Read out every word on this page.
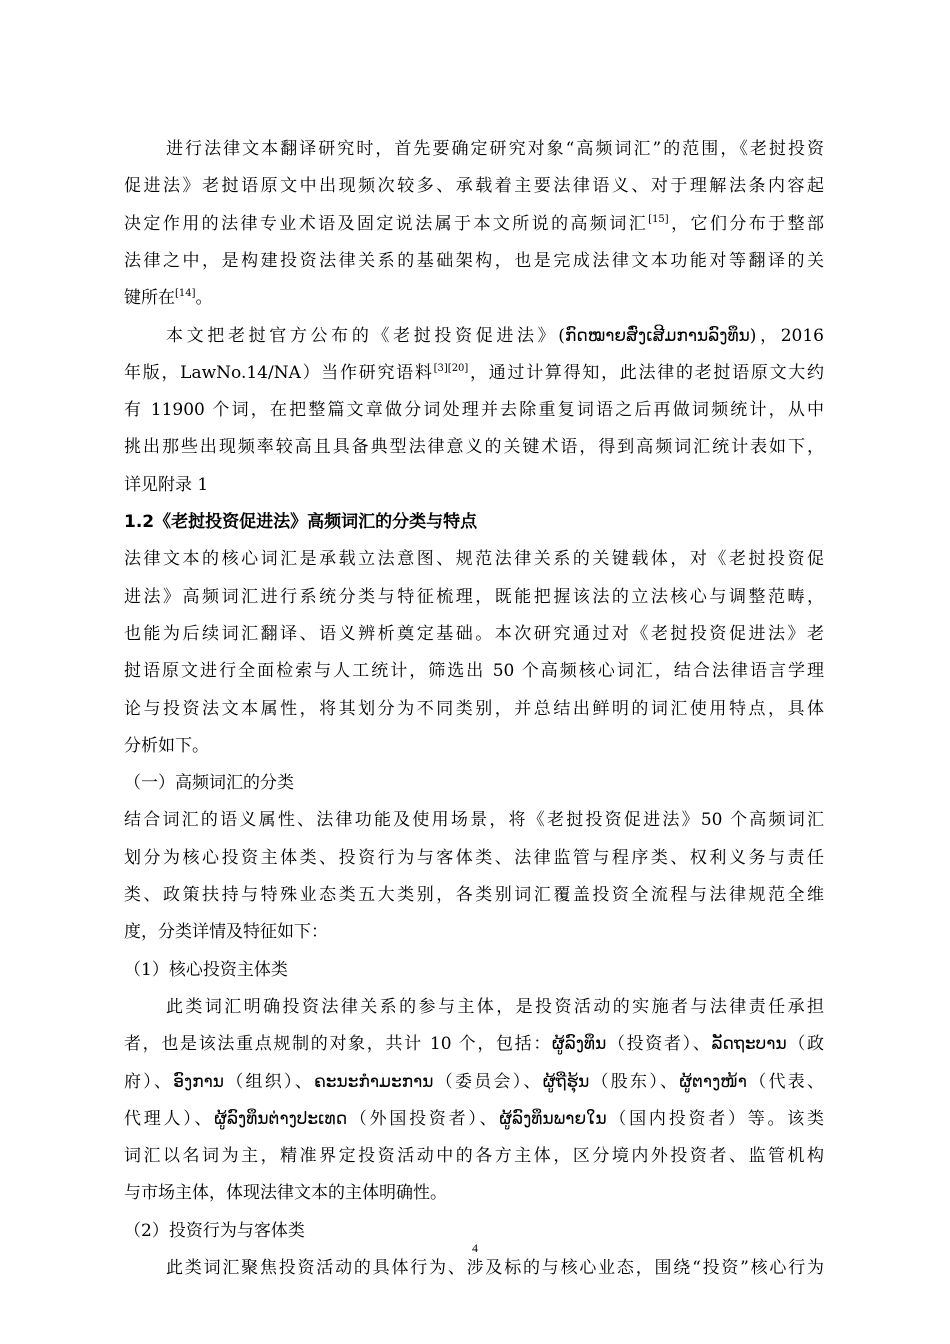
进行法律文本翻译研究时，首先要确定研究对象“高频词汇”的范围，《老挝投资
促进法》老挝语原文中出现频次较多、承载着主要法律语义、对于理解法条内容起
决定作用的法律专业术语及固定说法属于本文所说的高频词汇[15]，它们分布于整部
法律之中，是构建投资法律关系的基础架构，也是完成法律文本功能对等翻译的关
键所在[14]。
本文把老挝官方公布的《老挝投资促进法》(ກົດໝາຍສົ່ງເສີມການລົງທຶນ)，2016
年版，LawNo.14/NA）当作研究语料[3][20]，通过计算得知，此法律的老挝语原文大约
有 11900 个词，在把整篇文章做分词处理并去除重复词语之后再做词频统计，从中
挑出那些出现频率较高且具备典型法律意义的关键术语，得到高频词汇统计表如下，
详见附录 1
1.2《老挝投资促进法》高频词汇的分类与特点
法律文本的核心词汇是承载立法意图、规范法律关系的关键载体，对《老挝投资促
进法》高频词汇进行系统分类与特征梳理，既能把握该法的立法核心与调整范畴，
也能为后续词汇翻译、语义辨析奠定基础。本次研究通过对《老挝投资促进法》老
挝语原文进行全面检索与人工统计，筛选出 50 个高频核心词汇，结合法律语言学理
论与投资法文本属性，将其划分为不同类别，并总结出鲜明的词汇使用特点，具体
分析如下。
（一）高频词汇的分类
结合词汇的语义属性、法律功能及使用场景，将《老挝投资促进法》50 个高频词汇
划分为核心投资主体类、投资行为与客体类、法律监管与程序类、权利义务与责任
类、政策扶持与特殊业态类五大类别，各类别词汇覆盖投资全流程与法律规范全维
度，分类详情及特征如下：
（1）核心投资主体类
此类词汇明确投资法律关系的参与主体，是投资活动的实施者与法律责任承担
者，也是该法重点规制的对象，共计 10 个，包括：ຜູ້ລົງທຶນ（投资者）、ລັດຖະບານ（政
府）、ອົງການ（组织）、ຄະນະກຳມະການ（委员会）、ຜູ້ຖືຮຸ້ນ（股东）、ຜູ້ຕາງໜ້າ（代表、
代理人）、ຜູ້ລົງທຶນຕ່າງປະເທດ（外国投资者）、ຜູ້ລົງທຶນພາຍໃນ（国内投资者）等。该类
词汇以名词为主，精准界定投资活动中的各方主体，区分境内外投资者、监管机构
与市场主体，体现法律文本的主体明确性。
（2）投资行为与客体类
此类词汇聚焦投资活动的具体行为、涉及标的与核心业态，围绕“投资”核心行为
4
